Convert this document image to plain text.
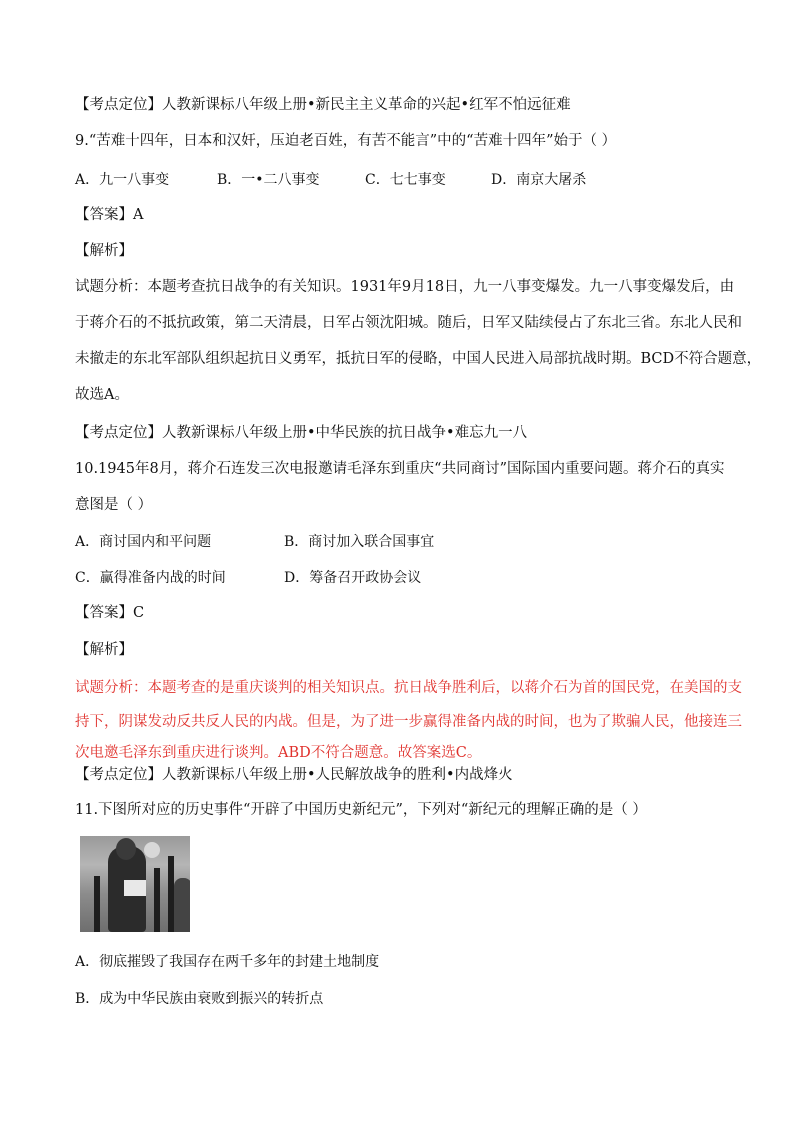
【考点定位】人教新课标八年级上册•新民主主义革命的兴起•红军不怕远征难
9.“苦难十四年，日本和汉奸，压迫老百姓，有苦不能言”中的“苦难十四年”始于（ ）
A．九一八事变	B．一•二八事变	C．七七事变	D．南京大屠杀
【答案】A
【解析】
试题分析：本题考查抗日战争的有关知识。1931年9月18日，九一八事变爆发。九一八事变爆发后，由
于蒋介石的不抵抗政策，第二天清晨，日军占领沈阳城。随后，日军又陆续侵占了东北三省。东北人民和
未撤走的东北军部队组织起抗日义勇军，抵抗日军的侵略，中国人民进入局部抗战时期。BCD不符合题意，
故选A。
【考点定位】人教新课标八年级上册•中华民族的抗日战争•难忘九一八
10.1945年8月，蒋介石连发三次电报邀请毛泽东到重庆“共同商讨”国际国内重要问题。蒋介石的真实
意图是（ ）
A．商讨国内和平问题	B．商讨加入联合国事宜
C．赢得准备内战的时间	D．筹备召开政协会议
【答案】C
【解析】
试题分析：本题考查的是重庆谈判的相关知识点。抗日战争胜利后，以蒋介石为首的国民党，在美国的支
持下，阴谋发动反共反人民的内战。但是，为了进一步赢得准备内战的时间，也为了欺骗人民，他接连三
次电邀毛泽东到重庆进行谈判。ABD不符合题意。故答案选C。
【考点定位】人教新课标八年级上册•人民解放战争的胜利•内战烽火
11.下图所对应的历史事件“开辟了中国历史新纪元”，下列对“新纪元的理解正确的是（ ）
A．彻底摧毁了我国存在两千多年的封建土地制度
B．成为中华民族由衰败到振兴的转折点
